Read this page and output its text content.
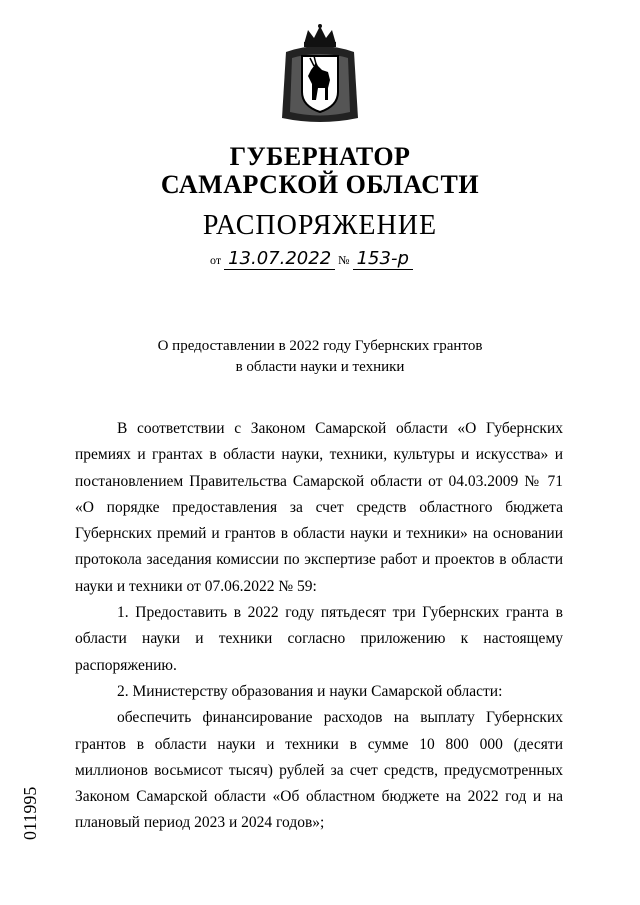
ГУБЕРНАТОР
САМАРСКОЙ ОБЛАСТИ
РАСПОРЯЖЕНИЕ
от 13.07.2022 № 153-р
О предоставлении в 2022 году Губернских грантов
в области науки и техники

В соответствии с Законом Самарской области «О Губернских премиях и грантах в области науки, техники, культуры и искусства» и постановлением Правительства Самарской области от 04.03.2009 № 71 «О порядке предоставления за счет средств областного бюджета Губернских премий и грантов в области науки и техники» на основании протокола заседания комиссии по экспертизе работ и проектов в области науки и техники от 07.06.2022 № 59:

1. Предоставить в 2022 году пятьдесят три Губернских гранта в области науки и техники согласно приложению к настоящему распоряжению.

2. Министерству образования и науки Самарской области:

обеспечить финансирование расходов на выплату Губернских грантов в области науки и техники в сумме 10 800 000 (десяти миллионов восьмисот тысяч) рублей за счет средств, предусмотренных Законом Самарской области «Об областном бюджете на 2022 год и на плановый период 2023 и 2024 годов»;

011995
